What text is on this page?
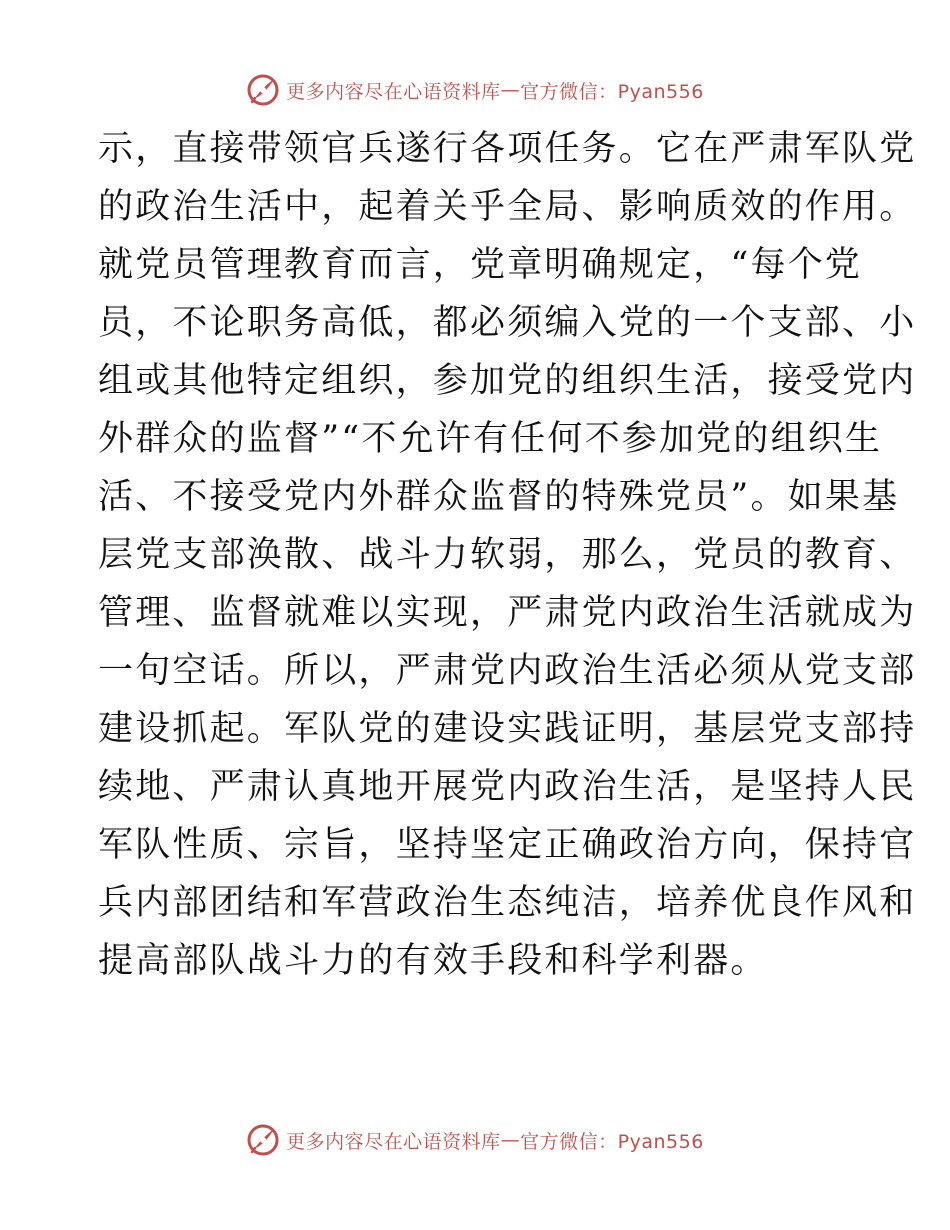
更多内容尽在心语资料库 — 官方微信：Pyan556
示，直接带领官兵遂行各项任务。它在严肃军队党
的政治生活中，起着关乎全局、影响质效的作用。
就党员管理教育而言，党章明确规定，“每个党
员，不论职务高低，都必须编入党的一个支部、小
组或其他特定组织，参加党的组织生活，接受党内
外群众的监督”“不允许有任何不参加党的组织生
活、不接受党内外群众监督的特殊党员”。如果基
层党支部涣散、战斗力软弱，那么，党员的教育、
管理、监督就难以实现，严肃党内政治生活就成为
一句空话。所以，严肃党内政治生活必须从党支部
建设抓起。军队党的建设实践证明，基层党支部持
续地、严肃认真地开展党内政治生活，是坚持人民
军队性质、宗旨，坚持坚定正确政治方向，保持官
兵内部团结和军营政治生态纯洁，培养优良作风和
提高部队战斗力的有效手段和科学利器。
更多内容尽在心语资料库 — 官方微信：Pyan556
